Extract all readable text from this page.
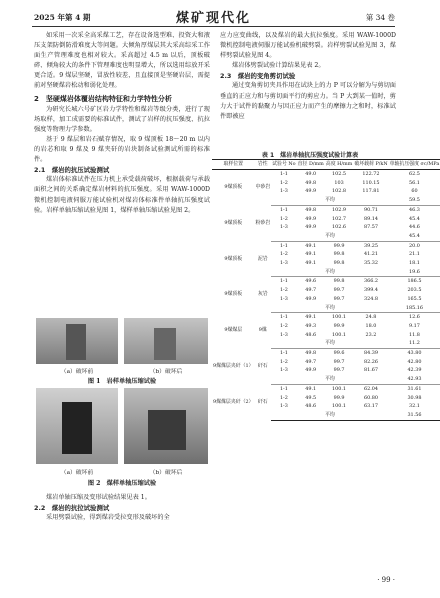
2025 年第 4 期	煤矿现代化	第 34 卷

如采用一次采全高采煤工艺，存在设备选型难、投资大和液压支架防倒防滑难度大等问题。大倾角厚煤层其大采高综采工作面生产管理难度也相对较大。采高超过 4.5 m 以后，顶板破碎、倾角较大的条件下管理难度也明显增大，所以选用综放开采更合适。9 煤层坚硬，冒放性较差，且直接顶是坚硬岩层，需提前对坚硬煤岩松动和弱化处理。

2　坚硬煤岩体覆岩结构特征和力学特性分析

为研究长城六号矿区岩力学特性和煤岩等级分类，进行了现场取样，加工成需要的标准试件，测试了岩样的抗压强度、抗拉强度等物理力学参数。

基于 9 煤层和岩石赋存情况，取 9 煤顶板 18～20 m 以内的岩芯和取 9 煤及 9 煤夹矸的岩块制备试验测试所需的标准件。

2.1　煤岩的抗压试验测试

煤岩体标准试件在压力机上承受载荷破坏，根据载荷与承载面积之间的关系确定煤岩材料的抗压强度。采用 WAW-1000D 微机控制电液伺服万能试验机对煤岩体标准件单轴抗压强度试验。岩样单轴压缩试验见图 1，煤样单轴压缩试验见图 2。

（a）破坏前	（b）破坏后
图 1　岩样单轴压缩试验
（a）破坏前	（b）破坏后
图 2　煤样单轴压缩试验

煤岩单轴压缩及变形试验结果见表 1。

2.2　煤岩的抗拉试验测试

采用劈裂试验，得到煤岩受拉变形及破坏的全

应力应变曲线，以及煤岩的最大抗拉强度。采用 WAW-1000D 微机控制电液伺服万能试验机破劈裂。岩样劈裂试验见图 3，煤样劈裂试验见图 4。

煤岩体劈裂试验计算结果见表 2。

2.3　煤岩的变角剪切试验

通过变角剪切夹具作用在试块上的力 P 可以分解为与剪切面垂直的正应力和与剪切面平行的剪应力。当 P 大到某一值时，剪力大于试件的黏聚力与因正应力而产生的摩擦力之和时，标准试件即被应

表 1　煤岩单轴抗压强度试验计算表
取样位置	岩性	试验号 No	直径 D/mm	高度 H/mm	破坏载荷 P/kN	单轴抗压强度 σc/MPa
9煤顶板	中砂岩	1-1	49.0	102.5	122.72	62.5
		1-2	49.8	103	110.15	56.1
		1-3	49.9	102.8	117.81	60
		平均				59.5
9煤顶板	粉砂岩	1-1	49.8	102.9	90.71	46.3
		1-2	49.9	102.7	89.14	45.4
		1-3	49.9	102.6	87.57	44.6
		平均				45.4
9煤顶板	泥岩	1-1	49.1	99.9	39.25	20.0
		1-2	49.1	99.8	41.21	21.1
		1-3	49.1	99.8	35.32	18.1
		平均				19.6
9煤顶板	灰岩	1-1	49.6	99.8	366.2	186.5
		1-2	49.7	99.7	399.4	203.5
		1-3	49.9	99.7	324.8	165.5
		平均				185.16
9煤煤层	9煤	1-1	49.1	100.1	24.8	12.6
		1-2	49.3	99.9	18.0	9.17
		1-3	48.6	100.1	23.2	11.8
		平均				11.2
9煤煤层夹矸（1）	矸石	1-1	49.8	99.6	84.39	43.80
		1-2	49.7	99.7	82.26	42.80
		1-3	49.9	99.7	81.67	42.39
		平均				42.93
9煤煤层夹矸（2）	矸石	1-1	49.1	100.1	62.04	31.61
		1-2	49.5	99.9	60.80	30.98
		1-3	48.6	100.1	63.17	32.1
		平均				31.56
· 99 ·
